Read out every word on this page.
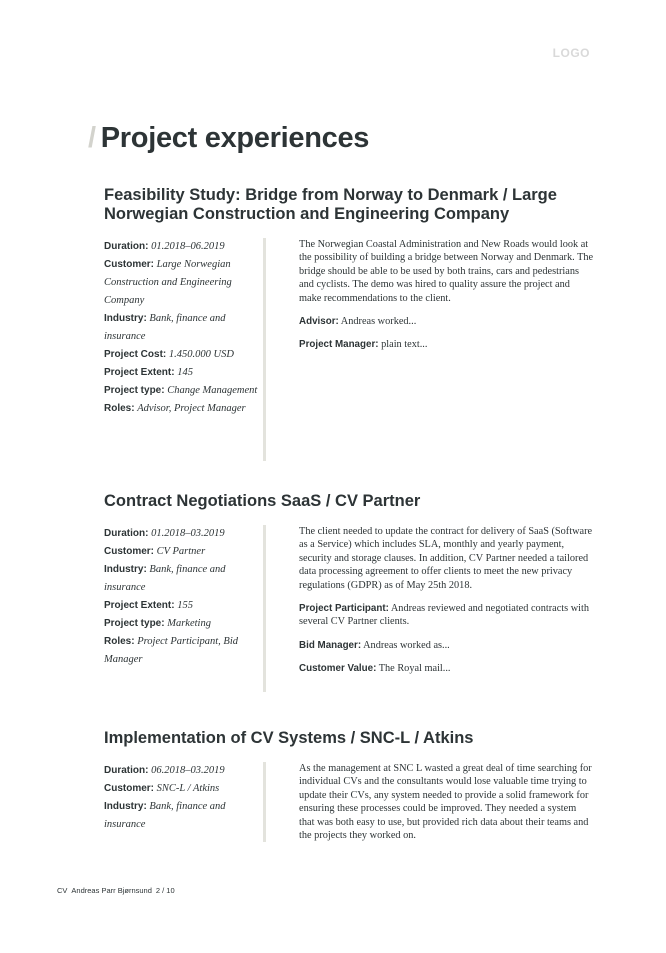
LOGO
/ Project experiences
Feasibility Study: Bridge from Norway to Denmark / Large Norwegian Construction and Engineering Company
Duration: 01.2018–06.2019
Customer: Large Norwegian Construction and Engineering Company
Industry: Bank, finance and insurance
Project Cost: 1.450.000 USD
Project Extent: 145
Project type: Change Management
Roles: Advisor, Project Manager

The Norwegian Coastal Administration and New Roads would look at the possibility of building a bridge between Norway and Denmark. The bridge should be able to be used by both trains, cars and pedestrians and cyclists. The demo was hired to quality assure the project and make recommendations to the client.

Advisor: Andreas worked...

Project Manager: plain text...

Contract Negotiations SaaS / CV Partner
Duration: 01.2018–03.2019
Customer: CV Partner
Industry: Bank, finance and insurance
Project Extent: 155
Project type: Marketing
Roles: Project Participant, Bid Manager

The client needed to update the contract for delivery of SaaS (Software as a Service) which includes SLA, monthly and yearly payment, security and storage clauses. In addition, CV Partner needed a tailored data processing agreement to offer clients to meet the new privacy regulations (GDPR) as of May 25th 2018.

Project Participant: Andreas reviewed and negotiated contracts with several CV Partner clients.

Bid Manager: Andreas worked as...

Customer Value: The Royal mail...

Implementation of CV Systems / SNC-L / Atkins
Duration: 06.2018–03.2019
Customer: SNC-L / Atkins
Industry: Bank, finance and insurance

As the management at SNC L wasted a great deal of time searching for individual CVs and the consultants would lose valuable time trying to update their CVs, any system needed to provide a solid framework for ensuring these processes could be improved. They needed a system that was both easy to use, but provided rich data about their teams and the projects they worked on.

CV Andreas Parr Bjørnsund 2 / 10
